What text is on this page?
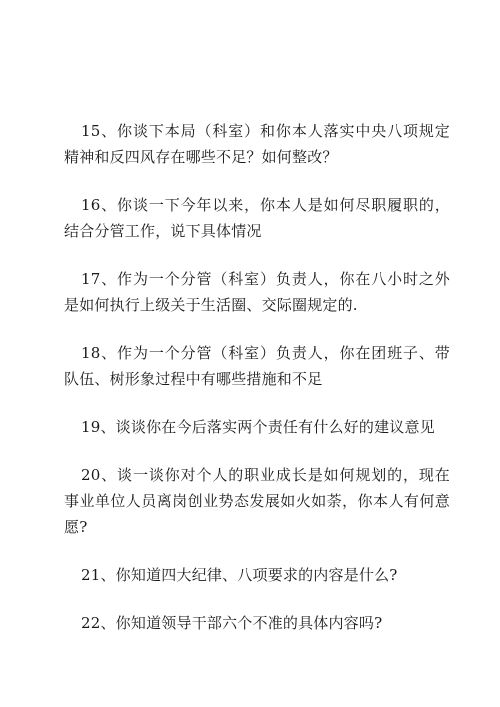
15、你谈下本局（科室）和你本人落实中央八项规定精神和反四风存在哪些不足？如何整改？

16、你谈一下今年以来，你本人是如何尽职履职的，结合分管工作，说下具体情况

17、作为一个分管（科室）负责人，你在八小时之外是如何执行上级关于生活圈、交际圈规定的.

18、作为一个分管（科室）负责人，你在团班子、带队伍、树形象过程中有哪些措施和不足

19、谈谈你在今后落实两个责任有什么好的建议意见

20、谈一谈你对个人的职业成长是如何规划的，现在事业单位人员离岗创业势态发展如火如荼，你本人有何意愿?

21、你知道四大纪律、八项要求的内容是什么?

22、你知道领导干部六个不准的具体内容吗?
